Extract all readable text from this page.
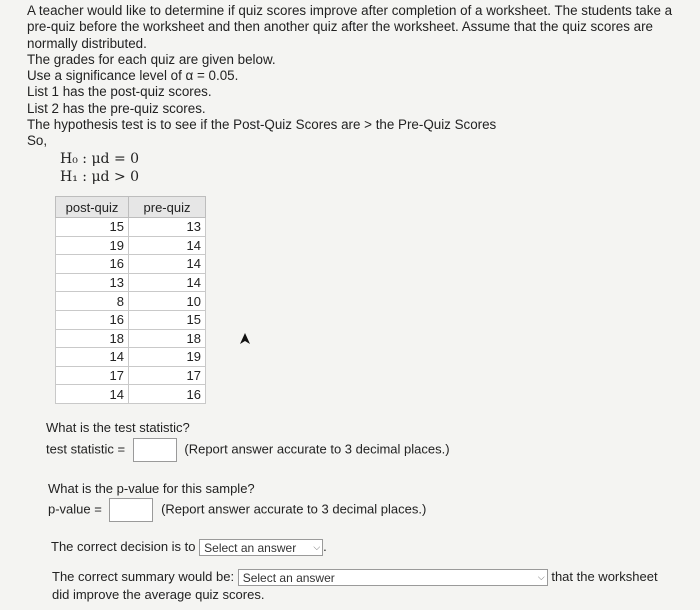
A teacher would like to determine if quiz scores improve after completion of a worksheet. The students take a pre-quiz before the worksheet and then another quiz after the worksheet. Assume that the quiz scores are normally distributed.

The grades for each quiz are given below.

Use a significance level of α = 0.05.

List 1 has the post-quiz scores.

List 2 has the pre-quiz scores.

The hypothesis test is to see if the Post-Quiz Scores are > the Pre-Quiz Scores

So,

H₀ : μd = 0
H₁ : μd > 0
post-quiz	pre-quiz
15	13
19	14
16	14
13	14
8	10
16	15
18	18
14	19
17	17
14	16
What is the test statistic?
test statistic =	(Report answer accurate to 3 decimal places.)
What is the p-value for this sample?
p-value =	(Report answer accurate to 3 decimal places.)
The correct decision is to Select an answer ⌵ .
The correct summary would be: Select an answer	⌵ that the worksheet
did improve the average quiz scores.
